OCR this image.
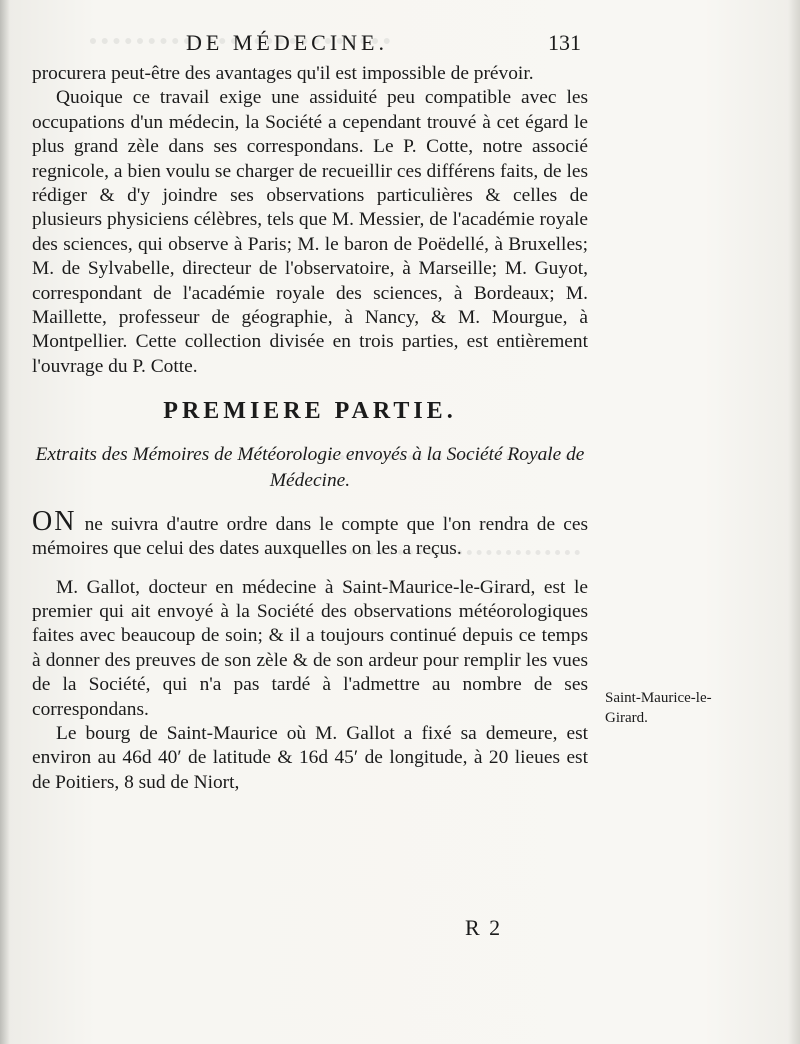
DE MÉDECINE.	131

procurera peut-être des avantages qu'il est impossible de prévoir.

Quoique ce travail exige une assiduité peu compatible avec les occupations d'un médecin, la Société a cependant trouvé à cet égard le plus grand zèle dans ses correspondans. Le P. Cotte, notre associé regnicole, a bien voulu se charger de recueillir ces différens faits, de les rédiger & d'y joindre ses observations particulières & celles de plusieurs physiciens célèbres, tels que M. Messier, de l'académie royale des sciences, qui observe à Paris; M. le baron de Poëdellé, à Bruxelles; M. de Sylvabelle, directeur de l'observatoire, à Marseille; M. Guyot, correspondant de l'académie royale des sciences, à Bordeaux; M. Maillette, professeur de géographie, à Nancy, & M. Mourgue, à Montpellier. Cette collection divisée en trois parties, est entièrement l'ouvrage du P. Cotte.

PREMIERE PARTIE.
Extraits des Mémoires de Météorologie envoyés à la Société Royale de Médecine.

ON ne suivra d'autre ordre dans le compte que l'on rendra de ces mémoires que celui des dates auxquelles on les a reçus.

M. Gallot, docteur en médecine à Saint-Maurice-le-Girard, est le premier qui ait envoyé à la Société des observations météorologiques faites avec beaucoup de soin; & il a toujours continué depuis ce temps à donner des preuves de son zèle & de son ardeur pour remplir les vues de la Société, qui n'a pas tardé à l'admettre au nombre de ses correspondans.

Le bourg de Saint-Maurice où M. Gallot a fixé sa demeure, est environ au 46d 40′ de latitude & 16d 45′ de longitude, à 20 lieues est de Poitiers, 8 sud de Niort,

Saint-Maurice-le-Girard.
R 2
